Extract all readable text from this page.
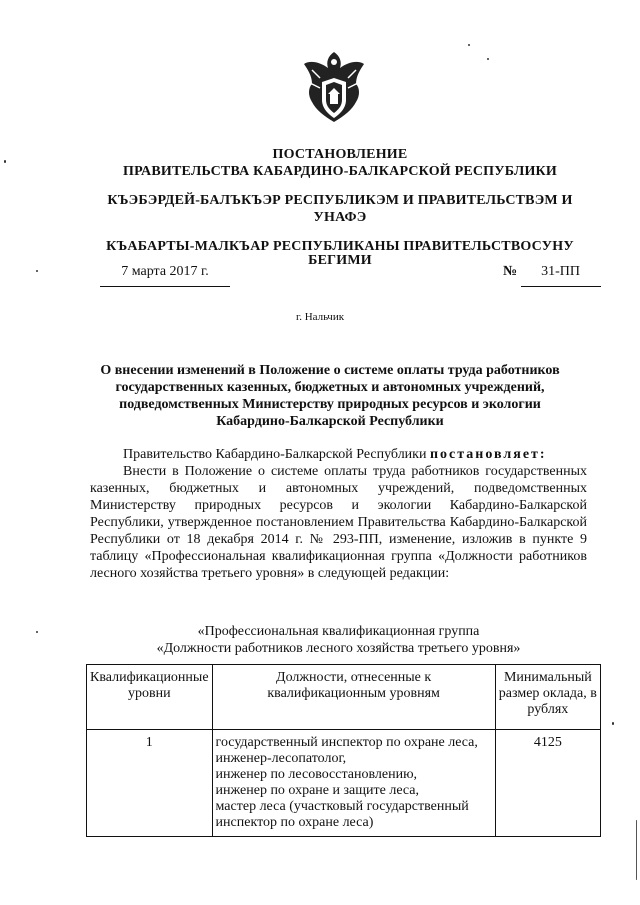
ПОСТАНОВЛЕНИЕ
ПРАВИТЕЛЬСТВА КАБАРДИНО-БАЛКАРСКОЙ РЕСПУБЛИКИ
КЪЭБЭРДЕЙ-БАЛЪКЪЭР РЕСПУБЛИКЭМ И ПРАВИТЕЛЬСТВЭМ И
УНАФЭ
КЪАБАРТЫ-МАЛКЪАР РЕСПУБЛИКАНЫ ПРАВИТЕЛЬСТВОСУНУ
БЕГИМИ
7 марта 2017 г.	№ 31-ПП
г. Нальчик
О внесении изменений в Положение о системе оплаты труда работников государственных казенных, бюджетных и автономных учреждений, подведомственных Министерству природных ресурсов и экологии Кабардино-Балкарской Республики
Правительство Кабардино-Балкарской Республики постановляет:
Внести в Положение о системе оплаты труда работников государственных казенных, бюджетных и автономных учреждений, подведомственных Министерству природных ресурсов и экологии Кабардино-Балкарской Республики, утвержденное постановлением Правительства Кабардино-Балкарской Республики от 18 декабря 2014 г. № 293-ПП, изменение, изложив в пункте 9 таблицу «Профессиональная квалификационная группа «Должности работников лесного хозяйства третьего уровня» в следующей редакции:
«Профессиональная квалификационная группа
«Должности работников лесного хозяйства третьего уровня»
Квалификационные уровни	Должности, отнесенные к квалификационным уровням	Минимальный размер оклада, в рублях
1	государственный инспектор по охране леса,
инженер-лесопатолог,
инженер по лесовосстановлению,
инженер по охране и защите леса,
мастер леса (участковый государственный инспектор по охране леса)	4125
